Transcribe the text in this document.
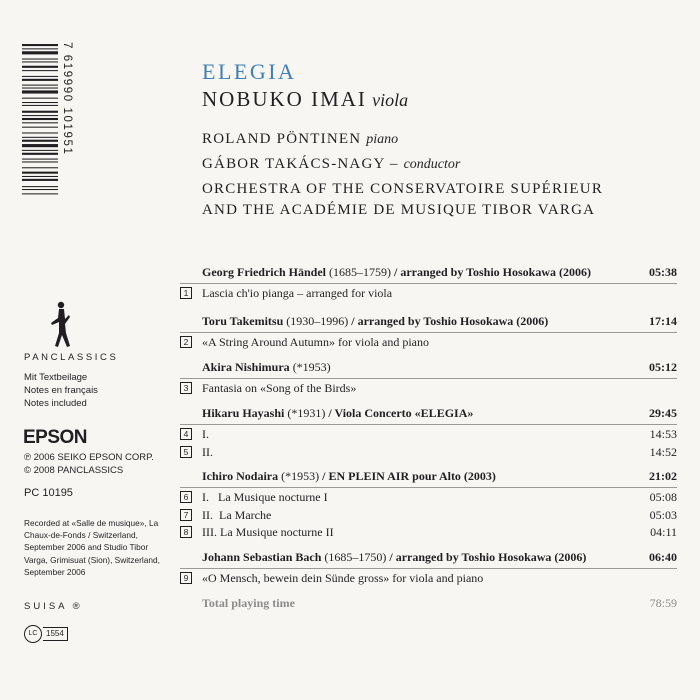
7 619990 101951
PANCLASSICS
Mit Textbeilage
Notes en français
Notes included
EPSON
℗ 2006 SEIKO EPSON CORP.
© 2008 PANCLASSICS
PC 10195
Recorded at «Salle de musique», La Chaux-de-Fonds / Switzerland, September 2006 and Studio Tibor Varga, Grimisuat (Sion), Switzerland, September 2006
SUISA ®
LC 1554
ELEGIA
NOBUKO IMAI viola
ROLAND PÖNTINEN piano
GÁBOR TAKÁCS-NAGY – conductor
ORCHESTRA OF THE CONSERVATOIRE SUPÉRIEUR
AND THE ACADÉMIE DE MUSIQUE TIBOR VARGA
Georg Friedrich Händel (1685–1759) / arranged by Toshio Hosokawa (2006)	05:38
1	Lascia ch'io pianga – arranged for viola
Toru Takemitsu (1930–1996) / arranged by Toshio Hosokawa (2006)	17:14
2	«A String Around Autumn» for viola and piano
Akira Nishimura (*1953)	05:12
3	Fantasia on «Song of the Birds»
Hikaru Hayashi (*1931) / Viola Concerto «ELEGIA»	29:45
4	I.	14:53
5	II.	14:52
Ichiro Nodaira (*1953) / EN PLEIN AIR pour Alto (2003)	21:02
6	I.   La Musique nocturne I	05:08
7	II.  La Marche	05:03
8	III. La Musique nocturne II	04:11
Johann Sebastian Bach (1685–1750) / arranged by Toshio Hosokawa (2006)	06:40
9	«O Mensch, bewein dein Sünde gross» for viola and piano
Total playing time	78:59
